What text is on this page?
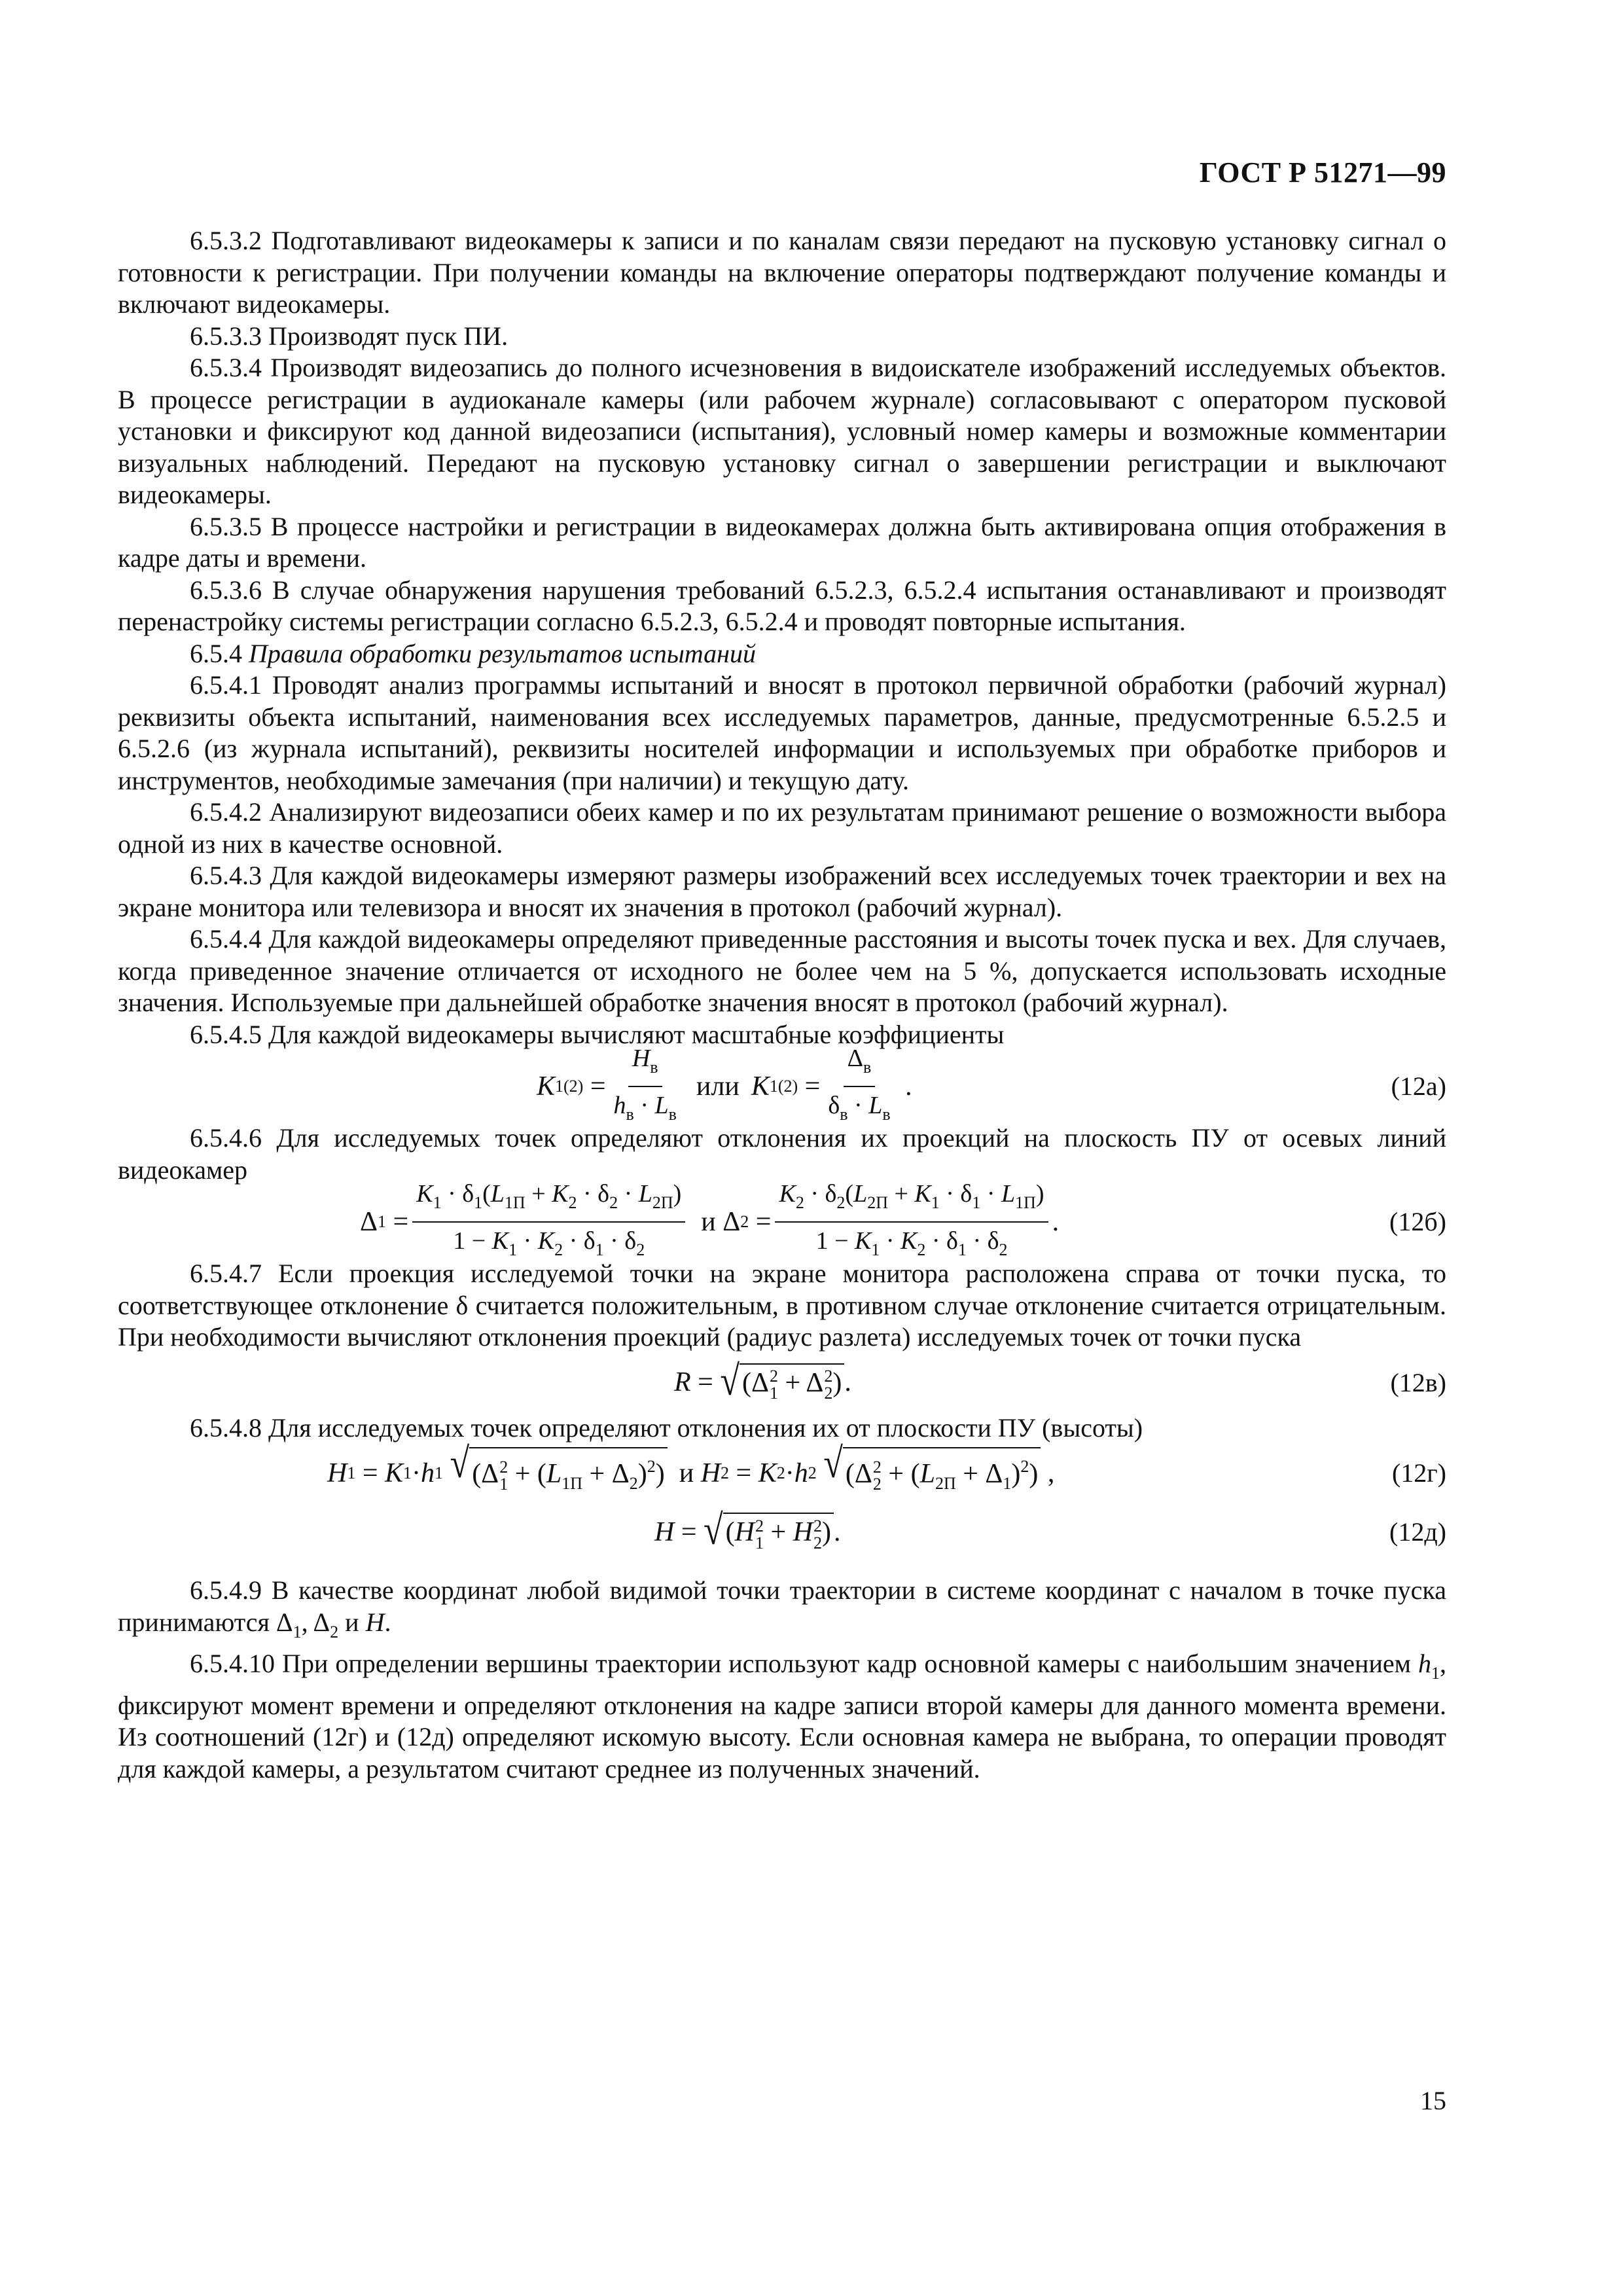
ГОСТ Р 51271—99

6.5.3.2 Подготавливают видеокамеры к записи и по каналам связи передают на пусковую установку сигнал о готовности к регистрации. При получении команды на включение операторы подтверждают получение команды и включают видеокамеры.

6.5.3.3 Производят пуск ПИ.

6.5.3.4 Производят видеозапись до полного исчезновения в видоискателе изображений исследуемых объектов. В процессе регистрации в аудиоканале камеры (или рабочем журнале) согласовывают с оператором пусковой установки и фиксируют код данной видеозаписи (испытания), условный номер камеры и возможные комментарии визуальных наблюдений. Передают на пусковую установку сигнал о завершении регистрации и выключают видеокамеры.

6.5.3.5 В процессе настройки и регистрации в видеокамерах должна быть активирована опция отображения в кадре даты и времени.

6.5.3.6 В случае обнаружения нарушения требований 6.5.2.3, 6.5.2.4 испытания останавливают и производят перенастройку системы регистрации согласно 6.5.2.3, 6.5.2.4 и проводят повторные испытания.

6.5.4 Правила обработки результатов испытаний

6.5.4.1 Проводят анализ программы испытаний и вносят в протокол первичной обработки (рабочий журнал) реквизиты объекта испытаний, наименования всех исследуемых параметров, данные, предусмотренные 6.5.2.5 и 6.5.2.6 (из журнала испытаний), реквизиты носителей информации и используемых при обработке приборов и инструментов, необходимые замечания (при наличии) и текущую дату.

6.5.4.2 Анализируют видеозаписи обеих камер и по их результатам принимают решение о возможности выбора одной из них в качестве основной.

6.5.4.3 Для каждой видеокамеры измеряют размеры изображений всех исследуемых точек траектории и вех на экране монитора или телевизора и вносят их значения в протокол (рабочий журнал).

6.5.4.4 Для каждой видеокамеры определяют приведенные расстояния и высоты точек пуска и вех. Для случаев, когда приведенное значение отличается от исходного не более чем на 5 %, допускается использовать исходные значения. Используемые при дальнейшей обработке значения вносят в протокол (рабочий журнал).

6.5.4.5 Для каждой видеокамеры вычисляют масштабные коэффициенты

K $1(2) = \frac{H_в}{h_в \cdot L_в}$ или K $1(2) = \frac{\Delta_в}{\delta_в \cdot L_в}$ .	(12а)

6.5.4.6 Для исследуемых точек определяют отклонения их проекций на плоскость ПУ от осевых линий видеокамер

Δ $1 = \frac{K_1 \cdot \delta_1(L_{1П} + K_2 \cdot \delta_2 \cdot L_{2П})}{1 - K_1 \cdot K_2 \cdot \delta_1 \cdot \delta_2}$ и Δ $2 = \frac{K_2 \cdot \delta_2(L_{2П} + K_1 \cdot \delta_1 \cdot L_{1П})}{1 - K_1 \cdot K_2 \cdot \delta_1 \cdot \delta_2}$ .	(12б)

6.5.4.7 Если проекция исследуемой точки на экране монитора расположена справа от точки пуска, то соответствующее отклонение δ считается положительным, в противном случае отклонение считается отрицательным. При необходимости вычисляют отклонения проекций (радиус разлета) исследуемых точек от точки пуска

R = √ (Δ 2
1 + Δ 2
2 ) .	(12в)

6.5.4.8 Для исследуемых точек определяют отклонения их от плоскости ПУ (высоты)

H 1 = K 1 · h 1
√ (Δ 2
$1 + (L_{1П} + \Delta_2)^2$) и
H 2 = K 2 · h 2
√ (Δ 2
$2 + (L_{2П} + \Delta_1)^2$) ,	(12г)
H = √ (H 2
1 + H 2
2 ) .	(12д)

6.5.4.9 В качестве координат любой видимой точки траектории в системе координат с началом в точке пуска принимаются $\Delta_1$, $\Delta_2$ и H.

6.5.4.10 При определении вершины траектории используют кадр основной камеры с наибольшим значением $h_1$, фиксируют момент времени и определяют отклонения на кадре записи второй камеры для данного момента времени. Из соотношений (12г) и (12д) определяют искомую высоту. Если основная камера не выбрана, то операции проводят для каждой камеры, а результатом считают среднее из полученных значений.

15
